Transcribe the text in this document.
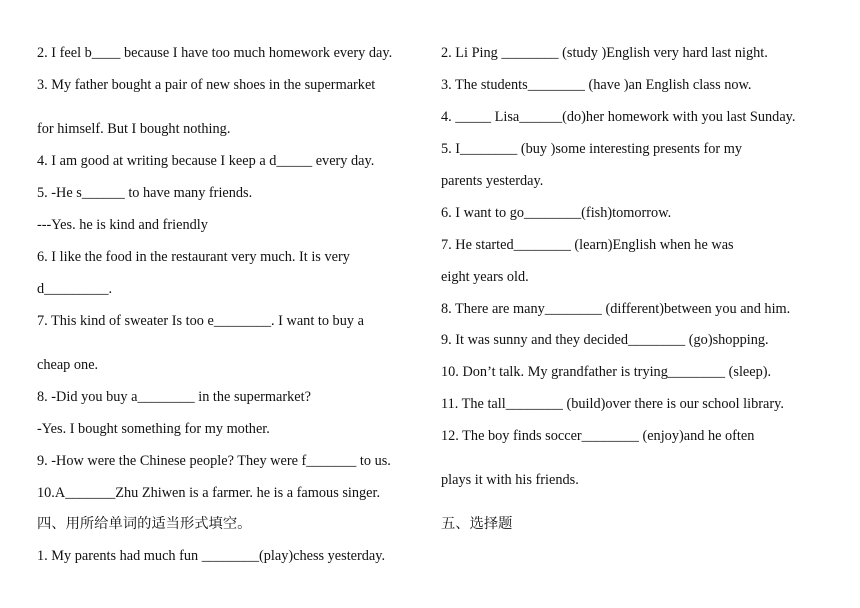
2. I feel b____ because I have too much homework every day.
3. My father bought a pair of new shoes in the supermarket
for himself. But I bought nothing.
4. I am good at writing because I keep a d_____ every day.
5. -He s______ to have many friends.
---Yes. he is kind and friendly
6. I like the food in the restaurant very much. It is very
d_________.
7. This kind of sweater Is too e________. I want to buy a
cheap one.
8. -Did you buy a________ in the supermarket?
-Yes. I bought something for my mother.
9. -How were the Chinese people? They were f_______ to us.
10.A_______Zhu Zhiwen is a farmer. he is a famous singer.
四、用所给单词的适当形式填空。
1. My parents had much fun ________(play)chess yesterday.
2. Li Ping ________ (study )English very hard last night.
3. The students________ (have )an English class now.
4. _____ Lisa______(do)her homework with you last Sunday.
5. I________ (buy )some interesting presents for my
parents yesterday.
6. I want to go________(fish)tomorrow.
7. He started________ (learn)English when he was
eight years old.
8. There are many________ (different)between you and him.
9. It was sunny and they decided________ (go)shopping.
10. Don’t talk. My grandfather is trying________ (sleep).
11. The tall________ (build)over there is our school library.
12. The boy finds soccer________ (enjoy)and he often
plays it with his friends.
五、选择题
